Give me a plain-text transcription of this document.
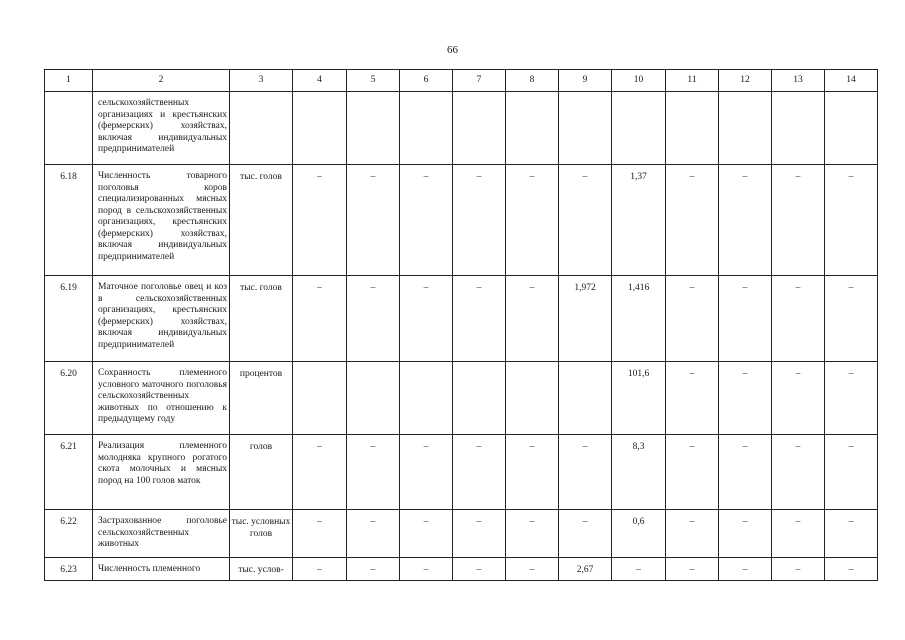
66
1	2	3	4	5	6	7	8	9	10	11	12	13	14
	сельскохозяйственных организациях и крестьянских (фермерских) хозяйствах, включая индивидуальных предпринимателей												
6.18	Численность товарного поголовья коров специализированных мясных пород в сельскохозяйственных организациях, крестьянских (фермерских) хозяйствах, включая индивидуальных предпринимателей	тыс. голов	–	–	–	–	–	–	1,37	–	–	–	–
6.19	Маточное поголовье овец и коз в сельскохозяйственных организациях, крестьянских (фермерских) хозяйствах, включая индивидуальных предпринимателей	тыс. голов	–	–	–	–	–	1,972	1,416	–	–	–	–
6.20	Сохранность племенного условного маточного поголовья сельскохозяйственных животных по отношению к предыдущему году	процентов							101,6	–	–	–	–
6.21	Реализация племенного молодняка крупного рогатого скота молочных и мясных пород на 100 голов маток	голов	–	–	–	–	–	–	8,3	–	–	–	–
6.22	Застрахованное поголовье сельскохозяйственных животных	тыс. условных голов	–	–	–	–	–	–	0,6	–	–	–	–
6.23	Численность племенного	тыс. услов-	–	–	–	–	–	2,67	–	–	–	–	–
